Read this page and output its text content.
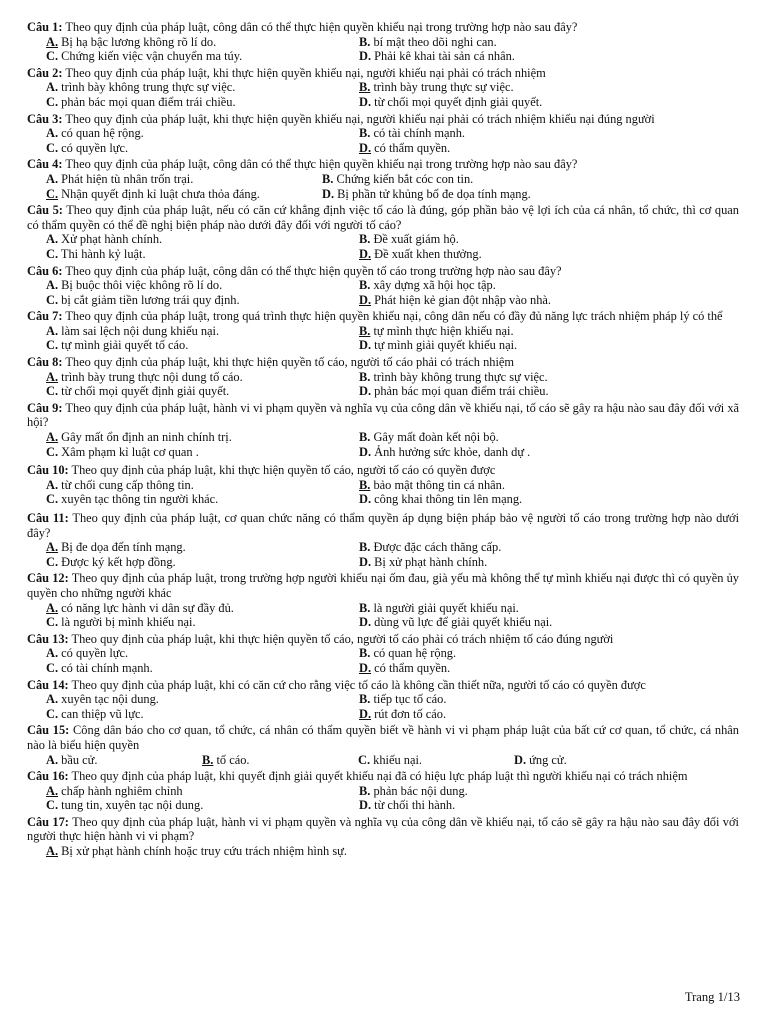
Câu 1: Theo quy định của pháp luật, công dân có thể thực hiện quyền khiếu nại trong trường hợp nào sau đây?
A. Bị hạ bậc lương không rõ lí do.	B. bí mật theo dõi nghi can.
C. Chứng kiến việc vận chuyển ma túy.	D. Phải kê khai tài sản cá nhân.
Câu 2: Theo quy định của pháp luật, khi thực hiện quyền khiếu nại, người khiếu nại phải có trách nhiệm
A. trình bày không trung thực sự việc.	B. trình bày trung thực sự việc.
C. phản bác mọi quan điểm trái chiều.	D. từ chối mọi quyết định giải quyết.
Câu 3: Theo quy định của pháp luật, khi thực hiện quyền khiếu nại, người khiếu nại phải có trách nhiệm khiếu nại đúng người
A. có quan hệ rộng.	B. có tài chính mạnh.
C. có quyền lực.	D. có thẩm quyền.
Câu 4: Theo quy định của pháp luật, công dân có thể thực hiện quyền khiếu nại trong trường hợp nào sau đây?
A. Phát hiện tù nhân trốn trại.	B. Chứng kiến bắt cóc con tin.
C. Nhận quyết định kỉ luật chưa thỏa đáng.	D. Bị phần tử khủng bố đe dọa tính mạng.
Câu 5: Theo quy định của pháp luật, nếu có căn cứ khẳng định việc tố cáo là đúng, góp phần bảo vệ lợi ích của cá nhân, tổ chức, thì cơ quan có thẩm quyền có thể đề nghị biện pháp nào dưới đây đối với người tố cáo?
A. Xử phạt hành chính.	B. Đề xuất giám hộ.
C. Thi hành kỷ luật.	D. Đề xuất khen thưởng.
Câu 6: Theo quy định của pháp luật, công dân có thể thực hiện quyền tố cáo trong trường hợp nào sau đây?
A. Bị buộc thôi việc không rõ lí do.	B. xây dựng xã hội học tập.
C. bị cắt giảm tiền lương trái quy định.	D. Phát hiện kẻ gian đột nhập vào nhà.
Câu 7: Theo quy định của pháp luật, trong quá trình thực hiện quyền khiếu nại, công dân nếu có đầy đủ năng lực trách nhiệm pháp lý có thể
A. làm sai lệch nội dung khiếu nại.	B. tự mình thực hiện khiếu nại.
C. tự mình giải quyết tố cáo.	D. tự mình giải quyết khiếu nại.
Câu 8: Theo quy định của pháp luật, khi thực hiện quyền tố cáo, người tố cáo phải có trách nhiệm
A. trình bày trung thực nội dung tố cáo.	B. trình bày không trung thực sự việc.
C. từ chối mọi quyết định giải quyết.	D. phản bác mọi quan điểm trái chiều.
Câu 9: Theo quy định của pháp luật, hành vi vi phạm quyền và nghĩa vụ của công dân về khiếu nại, tố cáo sẽ gây ra hậu nào sau đây đối với xã hội?
A. Gây mất ổn định an ninh chính trị.	B. Gây mất đoàn kết nội bộ.
C. Xâm phạm kỉ luật cơ quan .	D. Ảnh hưởng sức khỏe, danh dự .
Câu 10: Theo quy định của pháp luật, khi thực hiện quyền tố cáo, người tố cáo có quyền được
A. từ chối cung cấp thông tin.	B. bảo mật thông tin cá nhân.
C. xuyên tạc thông tin người khác.	D. công khai thông tin lên mạng.
Câu 11: Theo quy định của pháp luật, cơ quan chức năng có thẩm quyền áp dụng biện pháp bảo vệ người tố cáo trong trường hợp nào dưới đây?
A. Bị đe dọa đến tính mạng.	B. Được đặc cách thăng cấp.
C. Được ký kết hợp đồng.	D. Bị xử phạt hành chính.
Câu 12: Theo quy định của pháp luật, trong trường hợp người khiếu nại ốm đau, già yếu mà không thể tự mình khiếu nại được thì có quyền ủy quyền cho những người khác
A. có năng lực hành vi dân sự đầy đủ.	B. là người giải quyết khiếu nại.
C. là người bị mình khiếu nại.	D. dùng vũ lực để giải quyết khiếu nại.
Câu 13: Theo quy định của pháp luật, khi thực hiện quyền tố cáo, người tố cáo phải có trách nhiệm tố cáo đúng người
A. có quyền lực.	B. có quan hệ rộng.
C. có tài chính mạnh.	D. có thẩm quyền.
Câu 14: Theo quy định của pháp luật, khi có căn cứ cho rằng việc tố cáo là không cần thiết nữa, người tố cáo có quyền được
A. xuyên tạc nội dung.	B. tiếp tục tố cáo.
C. can thiệp vũ lực.	D. rút đơn tố cáo.
Câu 15: Công dân báo cho cơ quan, tổ chức, cá nhân có thẩm quyền biết về hành vi vi phạm pháp luật của bất cứ cơ quan, tổ chức, cá nhân nào là biểu hiện quyền
A. bầu cử.	B. tố cáo.	C. khiếu nại.	D. ứng cử.
Câu 16: Theo quy định của pháp luật, khi quyết định giải quyết khiếu nại đã có hiệu lực pháp luật thì người khiếu nại có trách nhiệm
A. chấp hành nghiêm chỉnh	B. phản bác nội dung.
C. tung tin, xuyên tạc nội dung.	D. từ chối thi hành.
Câu 17: Theo quy định của pháp luật, hành vi vi phạm quyền và nghĩa vụ của công dân về khiếu nại, tố cáo sẽ gây ra hậu nào sau đây đối với người thực hiện hành vi vi phạm?
A. Bị xử phạt hành chính hoặc truy cứu trách nhiệm hình sự.
Trang 1/13
